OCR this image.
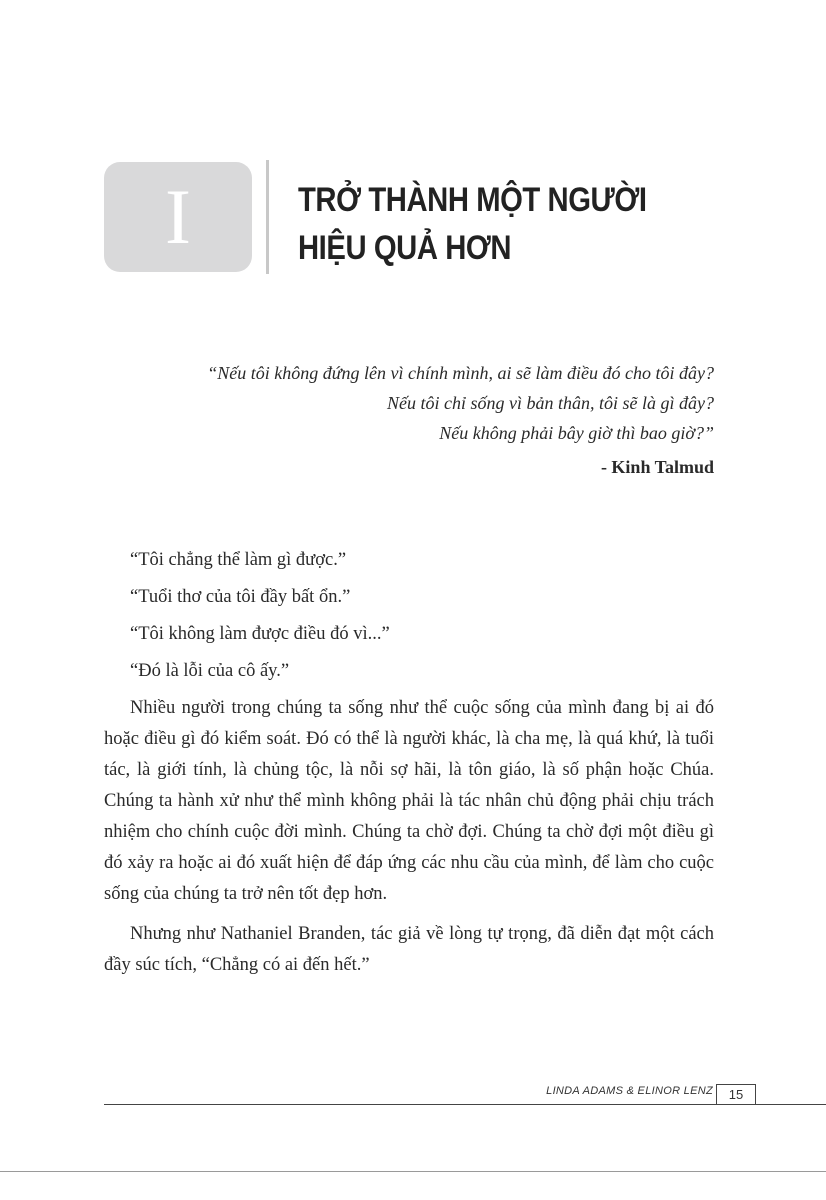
I	TRỞ THÀNH MỘT NGƯỜI
HIỆU QUẢ HƠN
“Nếu tôi không đứng lên vì chính mình, ai sẽ làm điều đó cho tôi đây?
Nếu tôi chỉ sống vì bản thân, tôi sẽ là gì đây?
Nếu không phải bây giờ thì bao giờ?”
- Kinh Talmud

“Tôi chẳng thể làm gì được.”

“Tuổi thơ của tôi đầy bất ổn.”

“Tôi không làm được điều đó vì...”

“Đó là lỗi của cô ấy.”

Nhiều người trong chúng ta sống như thể cuộc sống của mình đang bị ai đó hoặc điều gì đó kiểm soát. Đó có thể là người khác, là cha mẹ, là quá khứ, là tuổi tác, là giới tính, là chủng tộc, là nỗi sợ hãi, là tôn giáo, là số phận hoặc Chúa. Chúng ta hành xử như thể mình không phải là tác nhân chủ động phải chịu trách nhiệm cho chính cuộc đời mình. Chúng ta chờ đợi. Chúng ta chờ đợi một điều gì đó xảy ra hoặc ai đó xuất hiện để đáp ứng các nhu cầu của mình, để làm cho cuộc sống của chúng ta trở nên tốt đẹp hơn.

Nhưng như Nathaniel Branden, tác giả về lòng tự trọng, đã diễn đạt một cách đầy súc tích, “Chẳng có ai đến hết.”

LINDA ADAMS & ELINOR LENZ	15
